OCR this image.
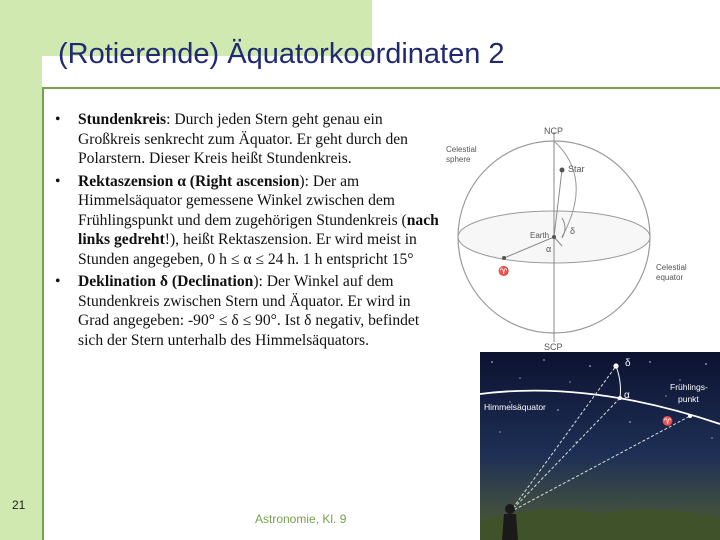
(Rotierende) Äquatorkoordinaten 2
• Stundenkreis: Durch jeden Stern geht genau ein Großkreis senkrecht zum Äquator. Er geht durch den Polarstern. Dieser Kreis heißt Stundenkreis.
• Rektaszension α (Right ascension): Der am Himmelsäquator gemessene Winkel zwischen dem Frühlingspunkt und dem zugehörigen Stundenkreis (nach links gedreht!), heißt Rektaszension. Er wird meist in Stunden angegeben, 0 h ≤ α ≤ 24 h. 1 h entspricht 15°
• Deklination δ (Declination): Der Winkel auf dem Stundenkreis zwischen Stern und Äquator. Er wird in Grad angegeben: -90° ≤ δ ≤ 90°. Ist δ negativ, befindet sich der Stern unterhalb des Himmelsäquators.
NCP
SCP
Celestial
sphere
Star
Earth δ
α
♈	Celestial
equator
δ
α
Himmelsäquator
Frühlings-
punkt
♈
21
Astronomie, Kl. 9
